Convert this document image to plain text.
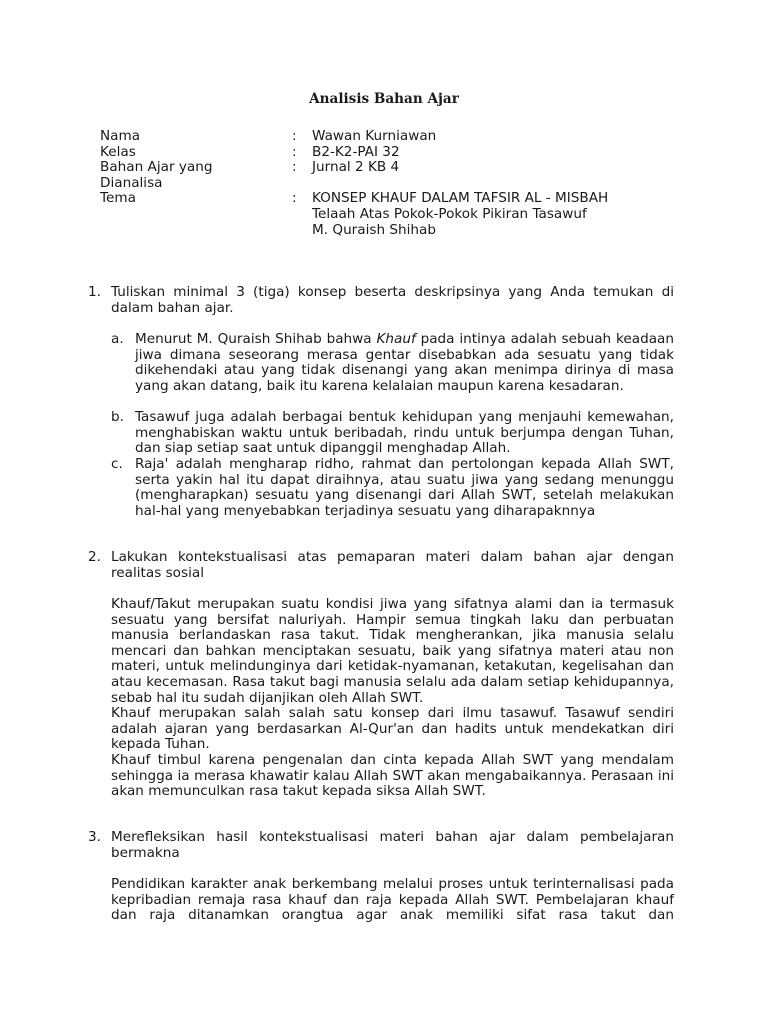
Analisis Bahan Ajar
Nama	:	Wawan Kurniawan
Kelas	:	B2-K2-PAI 32
Bahan Ajar yang
Dianalisa
:	Jurnal 2 KB 4
Tema	:	KONSEP KHAUF DALAM TAFSIR AL - MISBAH
Telaah Atas Pokok-Pokok Pikiran Tasawuf
M. Quraish Shihab
1. Tuliskan minimal 3 (tiga) konsep beserta deskripsinya yang Anda temukan di dalam bahan ajar.
a. Menurut M. Quraish Shihab bahwa Khauf pada intinya adalah sebuah keadaan jiwa dimana seseorang merasa gentar disebabkan ada sesuatu yang tidak dikehendaki atau yang tidak disenangi yang akan menimpa dirinya di masa yang akan datang, baik itu karena kelalaian maupun karena kesadaran.
b. Tasawuf juga adalah berbagai bentuk kehidupan yang menjauhi kemewahan, menghabiskan waktu untuk beribadah, rindu untuk berjumpa dengan Tuhan, dan siap setiap saat untuk dipanggil menghadap Allah.
c. Raja' adalah mengharap ridho, rahmat dan pertolongan kepada Allah SWT, serta yakin hal itu dapat diraihnya, atau suatu jiwa yang sedang menunggu (mengharapkan) sesuatu yang disenangi dari Allah SWT, setelah melakukan hal-hal yang menyebabkan terjadinya sesuatu yang diharapaknnya
2. Lakukan kontekstualisasi atas pemaparan materi dalam bahan ajar dengan realitas sosial

Khauf/Takut merupakan suatu kondisi jiwa yang sifatnya alami dan ia termasuk sesuatu yang bersifat naluriyah. Hampir semua tingkah laku dan perbuatan manusia berlandaskan rasa takut. Tidak mengherankan, jika manusia selalu mencari dan bahkan menciptakan sesuatu, baik yang sifatnya materi atau non materi, untuk melindunginya dari ketidak-nyamanan, ketakutan, kegelisahan dan atau kecemasan. Rasa takut bagi manusia selalu ada dalam setiap kehidupannya, sebab hal itu sudah dijanjikan oleh Allah SWT.

Khauf merupakan salah salah satu konsep dari ilmu tasawuf. Tasawuf sendiri adalah ajaran yang berdasarkan Al-Qur'an dan hadits untuk mendekatkan diri kepada Tuhan.

Khauf timbul karena pengenalan dan cinta kepada Allah SWT yang mendalam sehingga ia merasa khawatir kalau Allah SWT akan mengabaikannya. Perasaan ini akan memunculkan rasa takut kepada siksa Allah SWT.

3. Merefleksikan hasil kontekstualisasi materi bahan ajar dalam pembelajaran bermakna

Pendidikan karakter anak berkembang melalui proses untuk terinternalisasi pada kepribadian remaja rasa khauf dan raja kepada Allah SWT. Pembelajaran khauf dan raja ditanamkan orangtua agar anak memiliki sifat rasa takut dan
